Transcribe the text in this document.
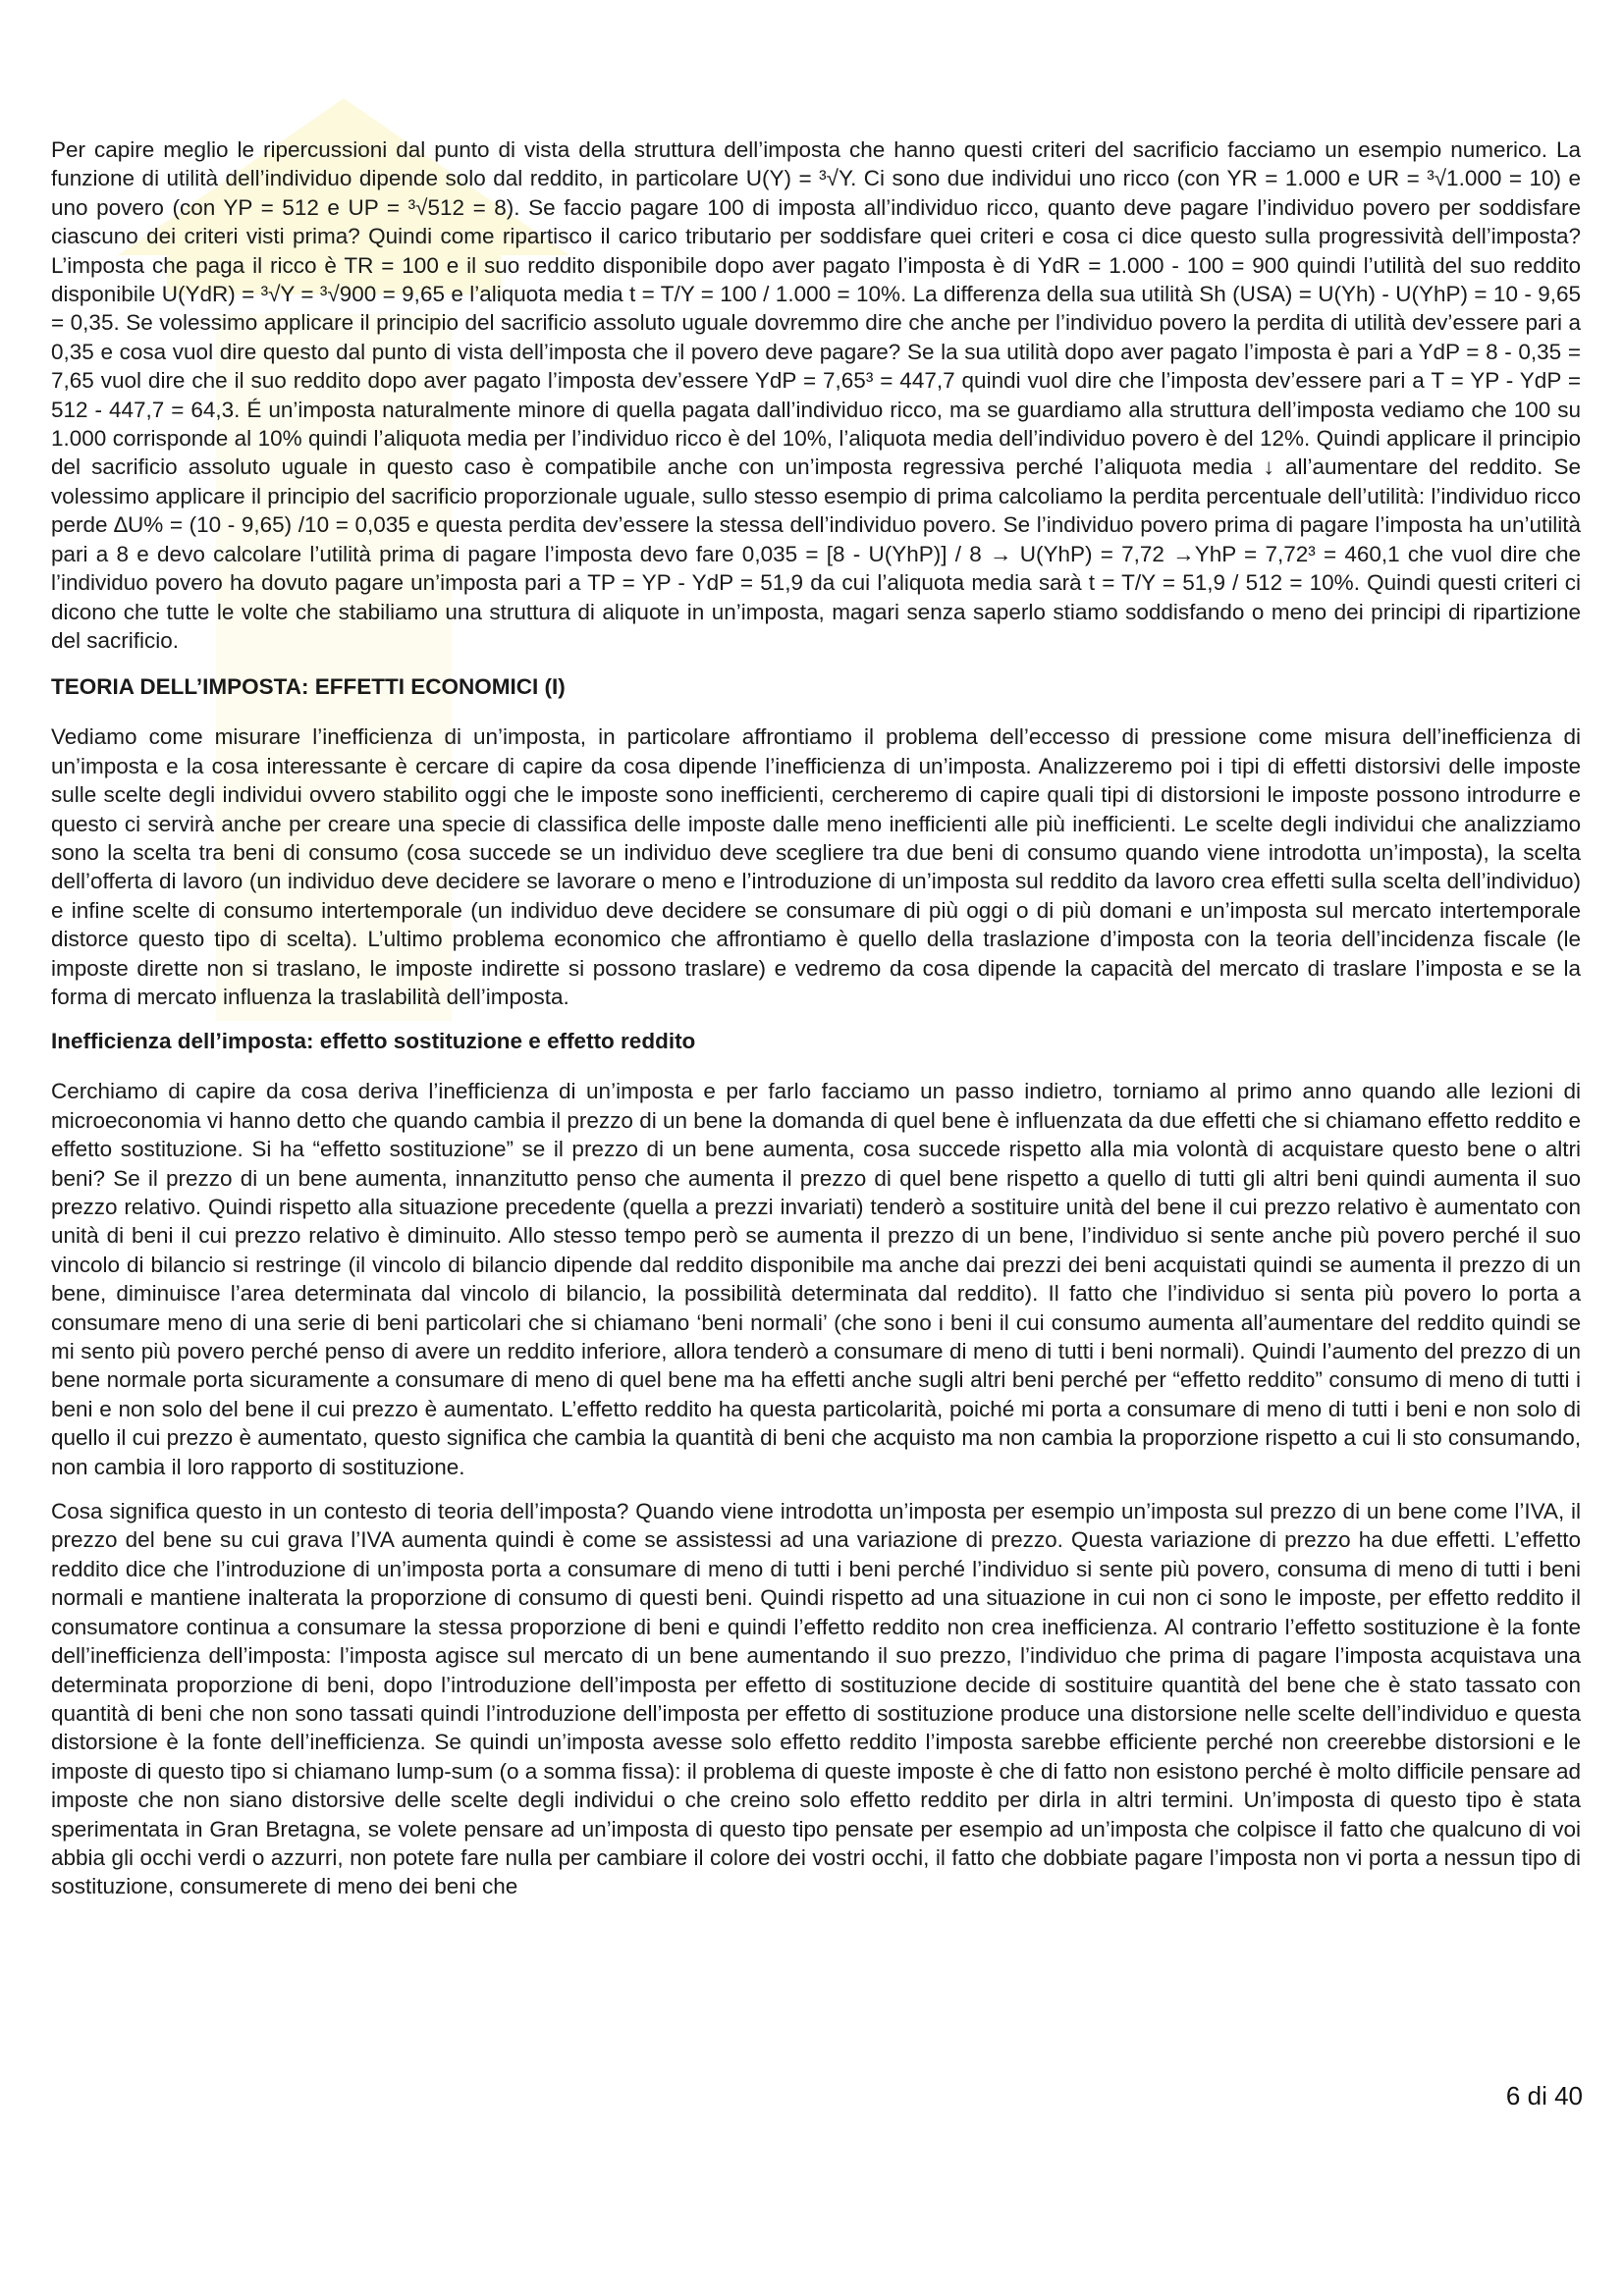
Per capire meglio le ripercussioni dal punto di vista della struttura dell’imposta che hanno questi criteri del sacrificio facciamo un esempio numerico. La funzione di utilità dell’individuo dipende solo dal reddito, in particolare U(Y) = ³√Y. Ci sono due individui uno ricco (con YR = 1.000 e UR = ³√1.000 = 10) e uno povero (con YP = 512 e UP = ³√512 = 8). Se faccio pagare 100 di imposta all’individuo ricco, quanto deve pagare l’individuo povero per soddisfare ciascuno dei criteri visti prima? Quindi come ripartisco il carico tributario per soddisfare quei criteri e cosa ci dice questo sulla progressività dell’imposta? L’imposta che paga il ricco è TR = 100 e il suo reddito disponibile dopo aver pagato l’imposta è di YdR = 1.000 - 100 = 900 quindi l’utilità del suo reddito disponibile U(YdR) = ³√Y = ³√900 = 9,65 e l’aliquota media t = T/Y = 100 / 1.000 = 10%. La differenza della sua utilità Sh (USA) = U(Yh) - U(YhP) = 10 - 9,65 = 0,35. Se volessimo applicare il principio del sacrificio assoluto uguale dovremmo dire che anche per l’individuo povero la perdita di utilità dev’essere pari a 0,35 e cosa vuol dire questo dal punto di vista dell’imposta che il povero deve pagare? Se la sua utilità dopo aver pagato l’imposta è pari a YdP = 8 - 0,35 = 7,65 vuol dire che il suo reddito dopo aver pagato l’imposta dev’essere YdP = 7,65³ = 447,7 quindi vuol dire che l’imposta dev’essere pari a T = YP - YdP = 512 - 447,7 = 64,3. É un’imposta naturalmente minore di quella pagata dall’individuo ricco, ma se guardiamo alla struttura dell’imposta vediamo che 100 su 1.000 corrisponde al 10% quindi l’aliquota media per l’individuo ricco è del 10%, l’aliquota media dell’individuo povero è del 12%. Quindi applicare il principio del sacrificio assoluto uguale in questo caso è compatibile anche con un’imposta regressiva perché l’aliquota media ↓ all’aumentare del reddito. Se volessimo applicare il principio del sacrificio proporzionale uguale, sullo stesso esempio di prima calcoliamo la perdita percentuale dell’utilità: l’individuo ricco perde ∆U% = (10 - 9,65) /10 = 0,035 e questa perdita dev’essere la stessa dell’individuo povero. Se l’individuo povero prima di pagare l’imposta ha un’utilità pari a 8 e devo calcolare l’utilità prima di pagare l’imposta devo fare 0,035 = [8 - U(YhP)] / 8 → U(YhP) = 7,72 →YhP = 7,72³ = 460,1 che vuol dire che l’individuo povero ha dovuto pagare un’imposta pari a TP = YP - YdP = 51,9 da cui l’aliquota media sarà t = T/Y = 51,9 / 512 = 10%. Quindi questi criteri ci dicono che tutte le volte che stabiliamo una struttura di aliquote in un’imposta, magari senza saperlo stiamo soddisfando o meno dei principi di ripartizione del sacrificio.

TEORIA DELL’IMPOSTA: EFFETTI ECONOMICI (I)

Vediamo come misurare l’inefficienza di un’imposta, in particolare affrontiamo il problema dell’eccesso di pressione come misura dell’inefficienza di un’imposta e la cosa interessante è cercare di capire da cosa dipende l’inefficienza di un’imposta. Analizzeremo poi i tipi di effetti distorsivi delle imposte sulle scelte degli individui ovvero stabilito oggi che le imposte sono inefficienti, cercheremo di capire quali tipi di distorsioni le imposte possono introdurre e questo ci servirà anche per creare una specie di classifica delle imposte dalle meno inefficienti alle più inefficienti. Le scelte degli individui che analizziamo sono la scelta tra beni di consumo (cosa succede se un individuo deve scegliere tra due beni di consumo quando viene introdotta un’imposta), la scelta dell’offerta di lavoro (un individuo deve decidere se lavorare o meno e l’introduzione di un’imposta sul reddito da lavoro crea effetti sulla scelta dell’individuo) e infine scelte di consumo intertemporale (un individuo deve decidere se consumare di più oggi o di più domani e un’imposta sul mercato intertemporale distorce questo tipo di scelta). L’ultimo problema economico che affrontiamo è quello della traslazione d’imposta con la teoria dell’incidenza fiscale (le imposte dirette non si traslano, le imposte indirette si possono traslare) e vedremo da cosa dipende la capacità del mercato di traslare l’imposta e se la forma di mercato influenza la traslabilità dell’imposta.

Inefficienza dell’imposta: effetto sostituzione e effetto reddito

Cerchiamo di capire da cosa deriva l’inefficienza di un’imposta e per farlo facciamo un passo indietro, torniamo al primo anno quando alle lezioni di microeconomia vi hanno detto che quando cambia il prezzo di un bene la domanda di quel bene è influenzata da due effetti che si chiamano effetto reddito e effetto sostituzione. Si ha “effetto sostituzione” se il prezzo di un bene aumenta, cosa succede rispetto alla mia volontà di acquistare questo bene o altri beni? Se il prezzo di un bene aumenta, innanzitutto penso che aumenta il prezzo di quel bene rispetto a quello di tutti gli altri beni quindi aumenta il suo prezzo relativo. Quindi rispetto alla situazione precedente (quella a prezzi invariati) tenderò a sostituire unità del bene il cui prezzo relativo è aumentato con unità di beni il cui prezzo relativo è diminuito. Allo stesso tempo però se aumenta il prezzo di un bene, l’individuo si sente anche più povero perché il suo vincolo di bilancio si restringe (il vincolo di bilancio dipende dal reddito disponibile ma anche dai prezzi dei beni acquistati quindi se aumenta il prezzo di un bene, diminuisce l’area determinata dal vincolo di bilancio, la possibilità determinata dal reddito). Il fatto che l’individuo si senta più povero lo porta a consumare meno di una serie di beni particolari che si chiamano ‘beni normali’ (che sono i beni il cui consumo aumenta all’aumentare del reddito quindi se mi sento più povero perché penso di avere un reddito inferiore, allora tenderò a consumare di meno di tutti i beni normali). Quindi l’aumento del prezzo di un bene normale porta sicuramente a consumare di meno di quel bene ma ha effetti anche sugli altri beni perché per “effetto reddito” consumo di meno di tutti i beni e non solo del bene il cui prezzo è aumentato. L’effetto reddito ha questa particolarità, poiché mi porta a consumare di meno di tutti i beni e non solo di quello il cui prezzo è aumentato, questo significa che cambia la quantità di beni che acquisto ma non cambia la proporzione rispetto a cui li sto consumando, non cambia il loro rapporto di sostituzione.

Cosa significa questo in un contesto di teoria dell’imposta? Quando viene introdotta un’imposta per esempio un’imposta sul prezzo di un bene come l’IVA, il prezzo del bene su cui grava l’IVA aumenta quindi è come se assistessi ad una variazione di prezzo. Questa variazione di prezzo ha due effetti. L’effetto reddito dice che l’introduzione di un’imposta porta a consumare di meno di tutti i beni perché l’individuo si sente più povero, consuma di meno di tutti i beni normali e mantiene inalterata la proporzione di consumo di questi beni. Quindi rispetto ad una situazione in cui non ci sono le imposte, per effetto reddito il consumatore continua a consumare la stessa proporzione di beni e quindi l’effetto reddito non crea inefficienza. Al contrario l’effetto sostituzione è la fonte dell’inefficienza dell’imposta: l’imposta agisce sul mercato di un bene aumentando il suo prezzo, l’individuo che prima di pagare l’imposta acquistava una determinata proporzione di beni, dopo l’introduzione dell’imposta per effetto di sostituzione decide di sostituire quantità del bene che è stato tassato con quantità di beni che non sono tassati quindi l’introduzione dell’imposta per effetto di sostituzione produce una distorsione nelle scelte dell’individuo e questa distorsione è la fonte dell’inefficienza. Se quindi un’imposta avesse solo effetto reddito l’imposta sarebbe efficiente perché non creerebbe distorsioni e le imposte di questo tipo si chiamano lump-sum (o a somma fissa): il problema di queste imposte è che di fatto non esistono perché è molto difficile pensare ad imposte che non siano distorsive delle scelte degli individui o che creino solo effetto reddito per dirla in altri termini. Un’imposta di questo tipo è stata sperimentata in Gran Bretagna, se volete pensare ad un’imposta di questo tipo pensate per esempio ad un’imposta che colpisce il fatto che qualcuno di voi abbia gli occhi verdi o azzurri, non potete fare nulla per cambiare il colore dei vostri occhi, il fatto che dobbiate pagare l’imposta non vi porta a nessun tipo di sostituzione, consumerete di meno dei beni che

6 di 40
